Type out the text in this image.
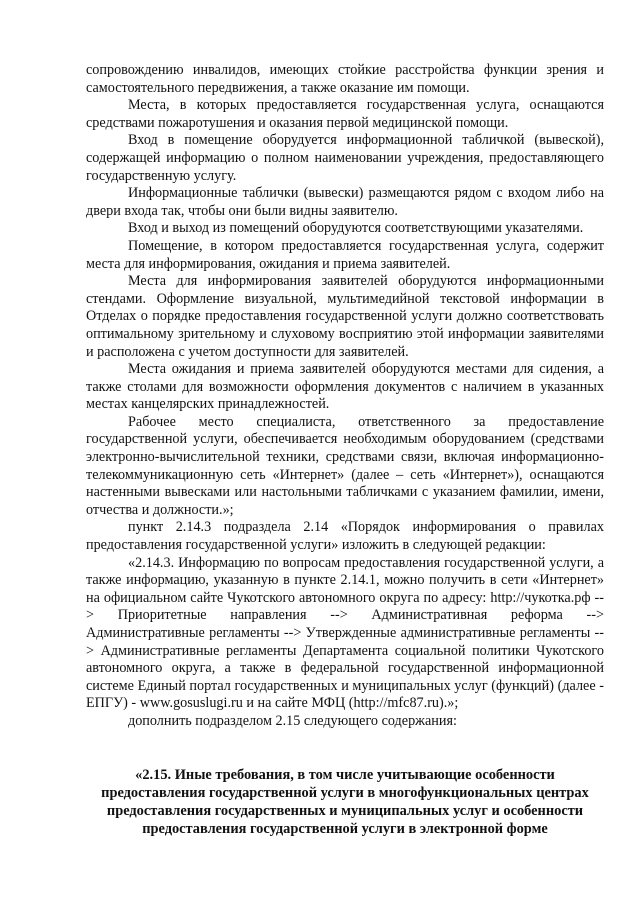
сопровождению инвалидов, имеющих стойкие расстройства функции зрения и самостоятельного передвижения, а также оказание им помощи.

Места, в которых предоставляется государственная услуга, оснащаются средствами пожаротушения и оказания первой медицинской помощи.

Вход в помещение оборудуется информационной табличкой (вывеской), содержащей информацию о полном наименовании учреждения, предоставляющего государственную услугу.

Информационные таблички (вывески) размещаются рядом с входом либо на двери входа так, чтобы они были видны заявителю.

Вход и выход из помещений оборудуются соответствующими указателями.

Помещение, в котором предоставляется государственная услуга, содержит места для информирования, ожидания и приема заявителей.

Места для информирования заявителей оборудуются информационными стендами. Оформление визуальной, мультимедийной текстовой информации в Отделах о порядке предоставления государственной услуги должно соответствовать оптимальному зрительному и слуховому восприятию этой информации заявителями и расположена с учетом доступности для заявителей.

Места ожидания и приема заявителей оборудуются местами для сидения, а также столами для возможности оформления документов с наличием в указанных местах канцелярских принадлежностей.

Рабочее место специалиста, ответственного за предоставление государственной услуги, обеспечивается необходимым оборудованием (средствами электронно-вычислительной техники, средствами связи, включая информационно-телекоммуникационную сеть «Интернет» (далее – сеть «Интернет»), оснащаются настенными вывесками или настольными табличками с указанием фамилии, имени, отчества и должности.»;

пункт 2.14.3 подраздела 2.14 «Порядок информирования о правилах предоставления государственной услуги» изложить в следующей редакции:

«2.14.3. Информацию по вопросам предоставления государственной услуги, а также информацию, указанную в пункте 2.14.1, можно получить в сети «Интернет» на официальном сайте Чукотского автономного округа по адресу: http://чукотка.рф --> Приоритетные направления --> Административная реформа --> Административные регламенты --> Утвержденные административные регламенты --> Административные регламенты Департамента социальной политики Чукотского автономного округа, а также в федеральной государственной информационной системе Единый портал государственных и муниципальных услуг (функций) (далее - ЕПГУ) - www.gosuslugi.ru и на сайте МФЦ (http://mfc87.ru).»;

дополнить подразделом 2.15 следующего содержания:

«2.15. Иные требования, в том числе учитывающие особенности предоставления государственной услуги в многофункциональных центрах предоставления государственных и муниципальных услуг и особенности предоставления государственной услуги в электронной форме
